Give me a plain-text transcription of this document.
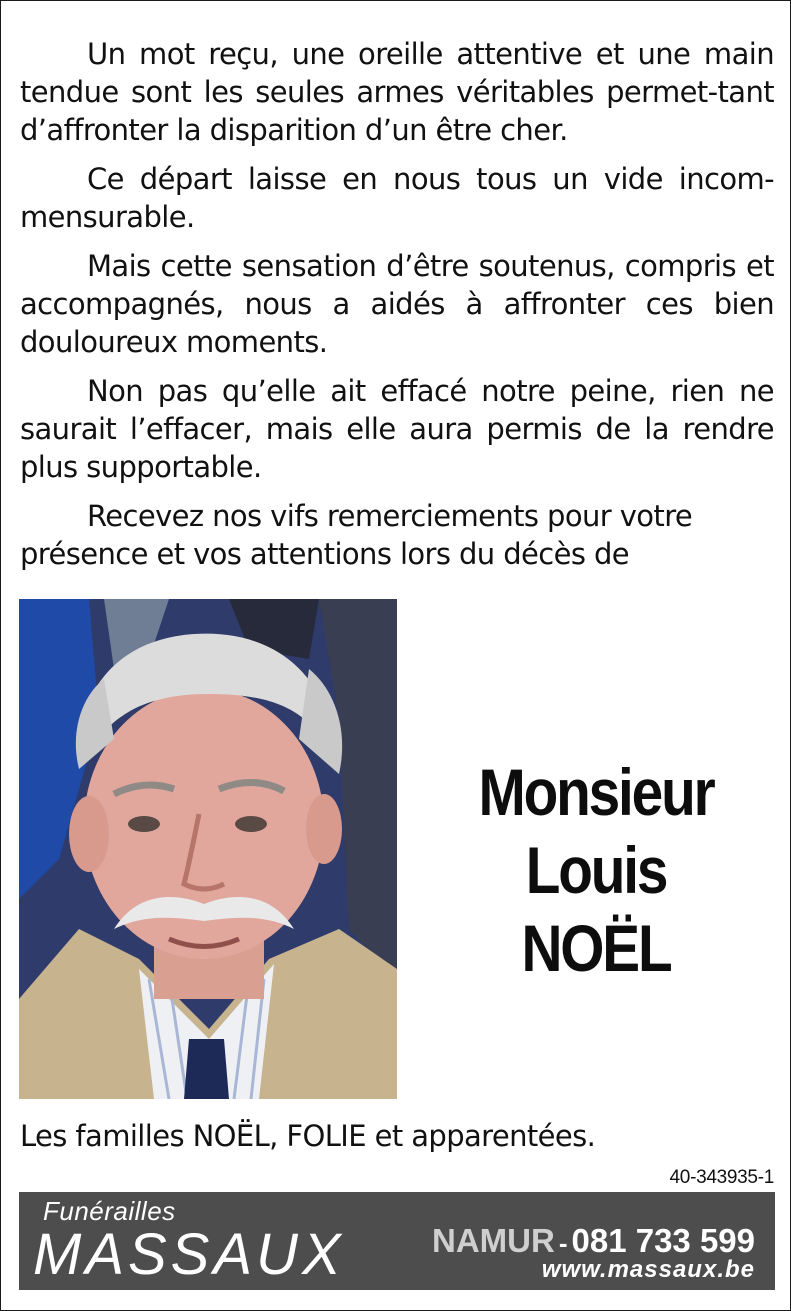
Un mot reçu, une oreille attentive et une main tendue sont les seules armes véritables permet-tant d’affronter la disparition d’un être cher.

Ce départ laisse en nous tous un vide incom-mensurable.

Mais cette sensation d’être soutenus, compris et accompagnés, nous a aidés à affronter ces bien douloureux moments.

Non pas qu’elle ait effacé notre peine, rien ne saurait l’effacer, mais elle aura permis de la rendre plus supportable.

Recevez nos vifs remerciements pour votre présence et vos attentions lors du décès de

Monsieur
Louis
NOËL
Les familles NOËL, FOLIE et apparentées.
40-343935-1
Funérailles
MASSAUX	NAMUR - 081 733 599
www.massaux.be
